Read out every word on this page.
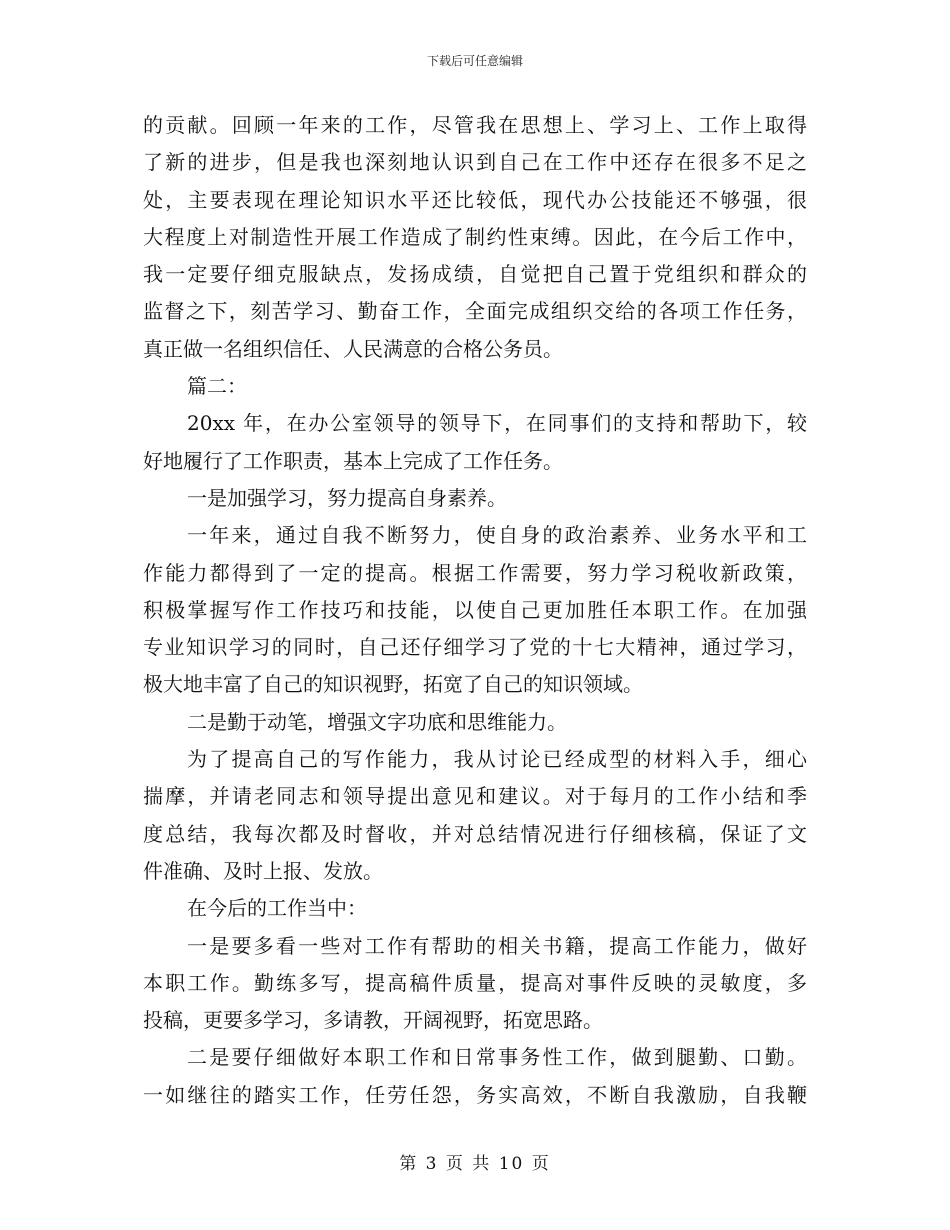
下载后可任意编辑
的贡献。回顾一年来的工作，尽管我在思想上、学习上、工作上取得
了新的进步，但是我也深刻地认识到自己在工作中还存在很多不足之
处，主要表现在理论知识水平还比较低，现代办公技能还不够强，很
大程度上对制造性开展工作造成了制约性束缚。因此，在今后工作中，
我一定要仔细克服缺点，发扬成绩，自觉把自己置于党组织和群众的
监督之下，刻苦学习、勤奋工作，全面完成组织交给的各项工作任务，
真正做一名组织信任、人民满意的合格公务员。
篇二：
20xx 年，在办公室领导的领导下，在同事们的支持和帮助下，较
好地履行了工作职责，基本上完成了工作任务。
一是加强学习，努力提高自身素养。
一年来，通过自我不断努力，使自身的政治素养、业务水平和工
作能力都得到了一定的提高。根据工作需要，努力学习税收新政策，
积极掌握写作工作技巧和技能，以使自己更加胜任本职工作。在加强
专业知识学习的同时，自己还仔细学习了党的十七大精神，通过学习，
极大地丰富了自己的知识视野，拓宽了自己的知识领域。
二是勤于动笔，增强文字功底和思维能力。
为了提高自己的写作能力，我从讨论已经成型的材料入手，细心
揣摩，并请老同志和领导提出意见和建议。对于每月的工作小结和季
度总结，我每次都及时督收，并对总结情况进行仔细核稿，保证了文
件准确、及时上报、发放。
在今后的工作当中：
一是要多看一些对工作有帮助的相关书籍，提高工作能力，做好
本职工作。勤练多写，提高稿件质量，提高对事件反映的灵敏度，多
投稿，更要多学习，多请教，开阔视野，拓宽思路。
二是要仔细做好本职工作和日常事务性工作，做到腿勤、口勤。
一如继往的踏实工作，任劳任怨，务实高效，不断自我激励，自我鞭
第 3 页 共 10 页
